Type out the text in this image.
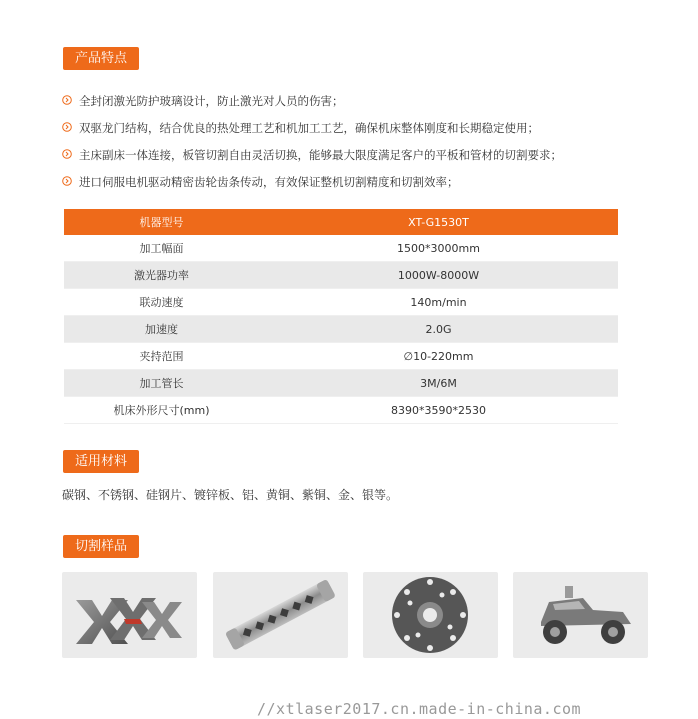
产品特点
全封闭激光防护玻璃设计，防止激光对人员的伤害；
双驱龙门结构，结合优良的热处理工艺和机加工工艺，确保机床整体刚度和长期稳定使用；
主床副床一体连接，板管切割自由灵活切换，能够最大限度满足客户的平板和管材的切割要求；
进口伺服电机驱动精密齿轮齿条传动，有效保证整机切割精度和切割效率；
机器型号	XT-G1530T
加工幅面	1500*3000mm
激光器功率	1000W-8000W
联动速度	140m/min
加速度	2.0G
夹持范围	∅10-220mm
加工管长	3M/6M
机床外形尺寸(mm)	8390*3590*2530
适用材料
碳钢、不锈钢、硅钢片、镀锌板、铝、黄铜、紫铜、金、银等。
切割样品
//xtlaser2017.cn.made-in-china.com
